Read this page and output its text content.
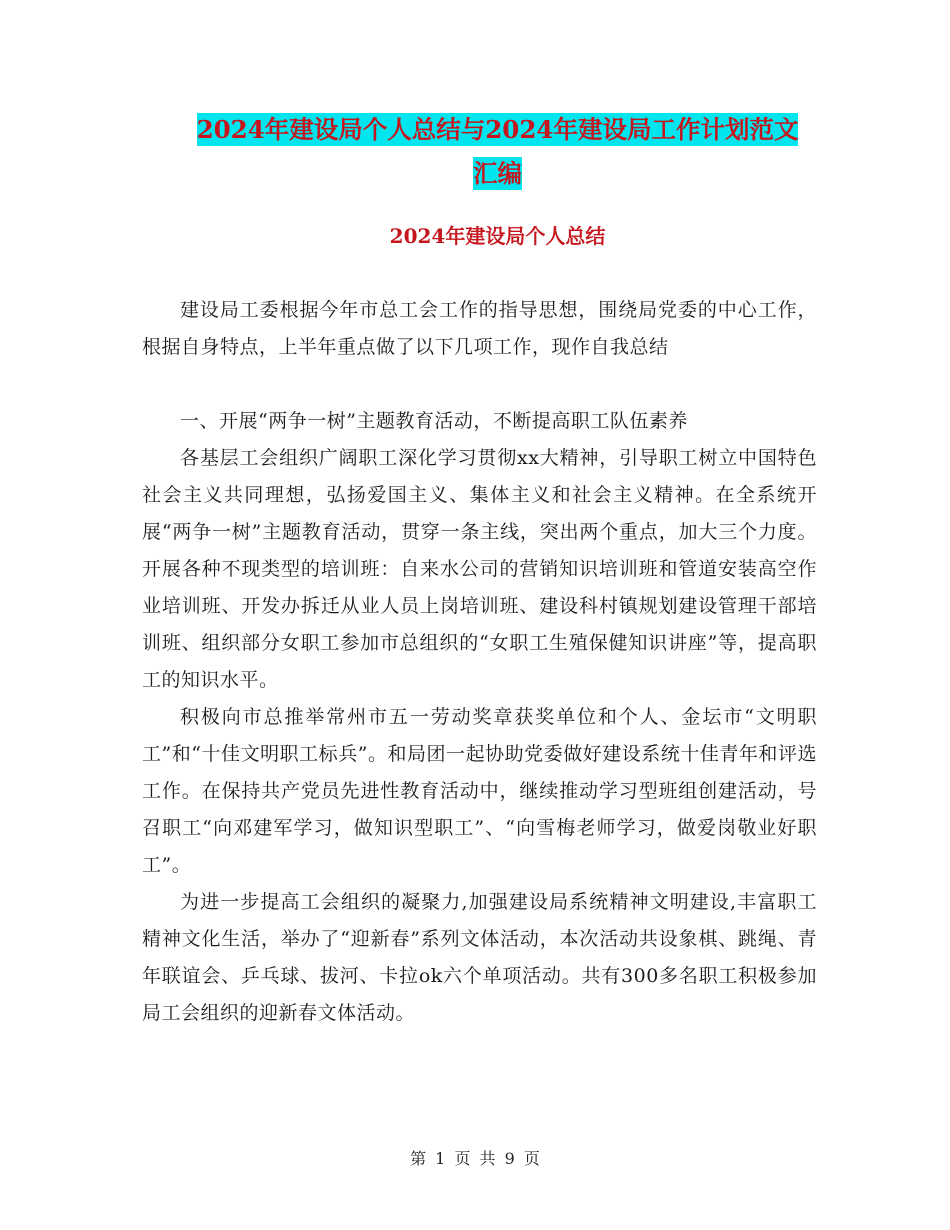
2024年建设局个人总结与2024年建设局工作计划范文
汇编
2024年建设局个人总结

建设局工委根据今年市总工会工作的指导思想，围绕局党委的中心工作，根据自身特点，上半年重点做了以下几项工作，现作自我总结

一、开展“两争一树”主题教育活动，不断提高职工队伍素养

各基层工会组织广阔职工深化学习贯彻xx大精神，引导职工树立中国特色社会主义共同理想，弘扬爱国主义、集体主义和社会主义精神。在全系统开展“两争一树”主题教育活动，贯穿一条主线，突出两个重点，加大三个力度。开展各种不现类型的培训班：自来水公司的营销知识培训班和管道安装高空作业培训班、开发办拆迁从业人员上岗培训班、建设科村镇规划建设管理干部培训班、组织部分女职工参加市总组织的“女职工生殖保健知识讲座”等，提高职工的知识水平。

积极向市总推举常州市五一劳动奖章获奖单位和个人、金坛市“文明职工”和“十佳文明职工标兵”。和局团一起协助党委做好建设系统十佳青年和评选工作。在保持共产党员先进性教育活动中，继续推动学习型班组创建活动，号召职工“向邓建军学习，做知识型职工”、“向雪梅老师学习，做爱岗敬业好职工”。

为进一步提高工会组织的凝聚力,加强建设局系统精神文明建设,丰富职工精神文化生活，举办了“迎新春”系列文体活动，本次活动共设象棋、跳绳、青年联谊会、乒乓球、拔河、卡拉ok六个单项活动。共有300多名职工积极参加局工会组织的迎新春文体活动。

第 1 页 共 9 页
